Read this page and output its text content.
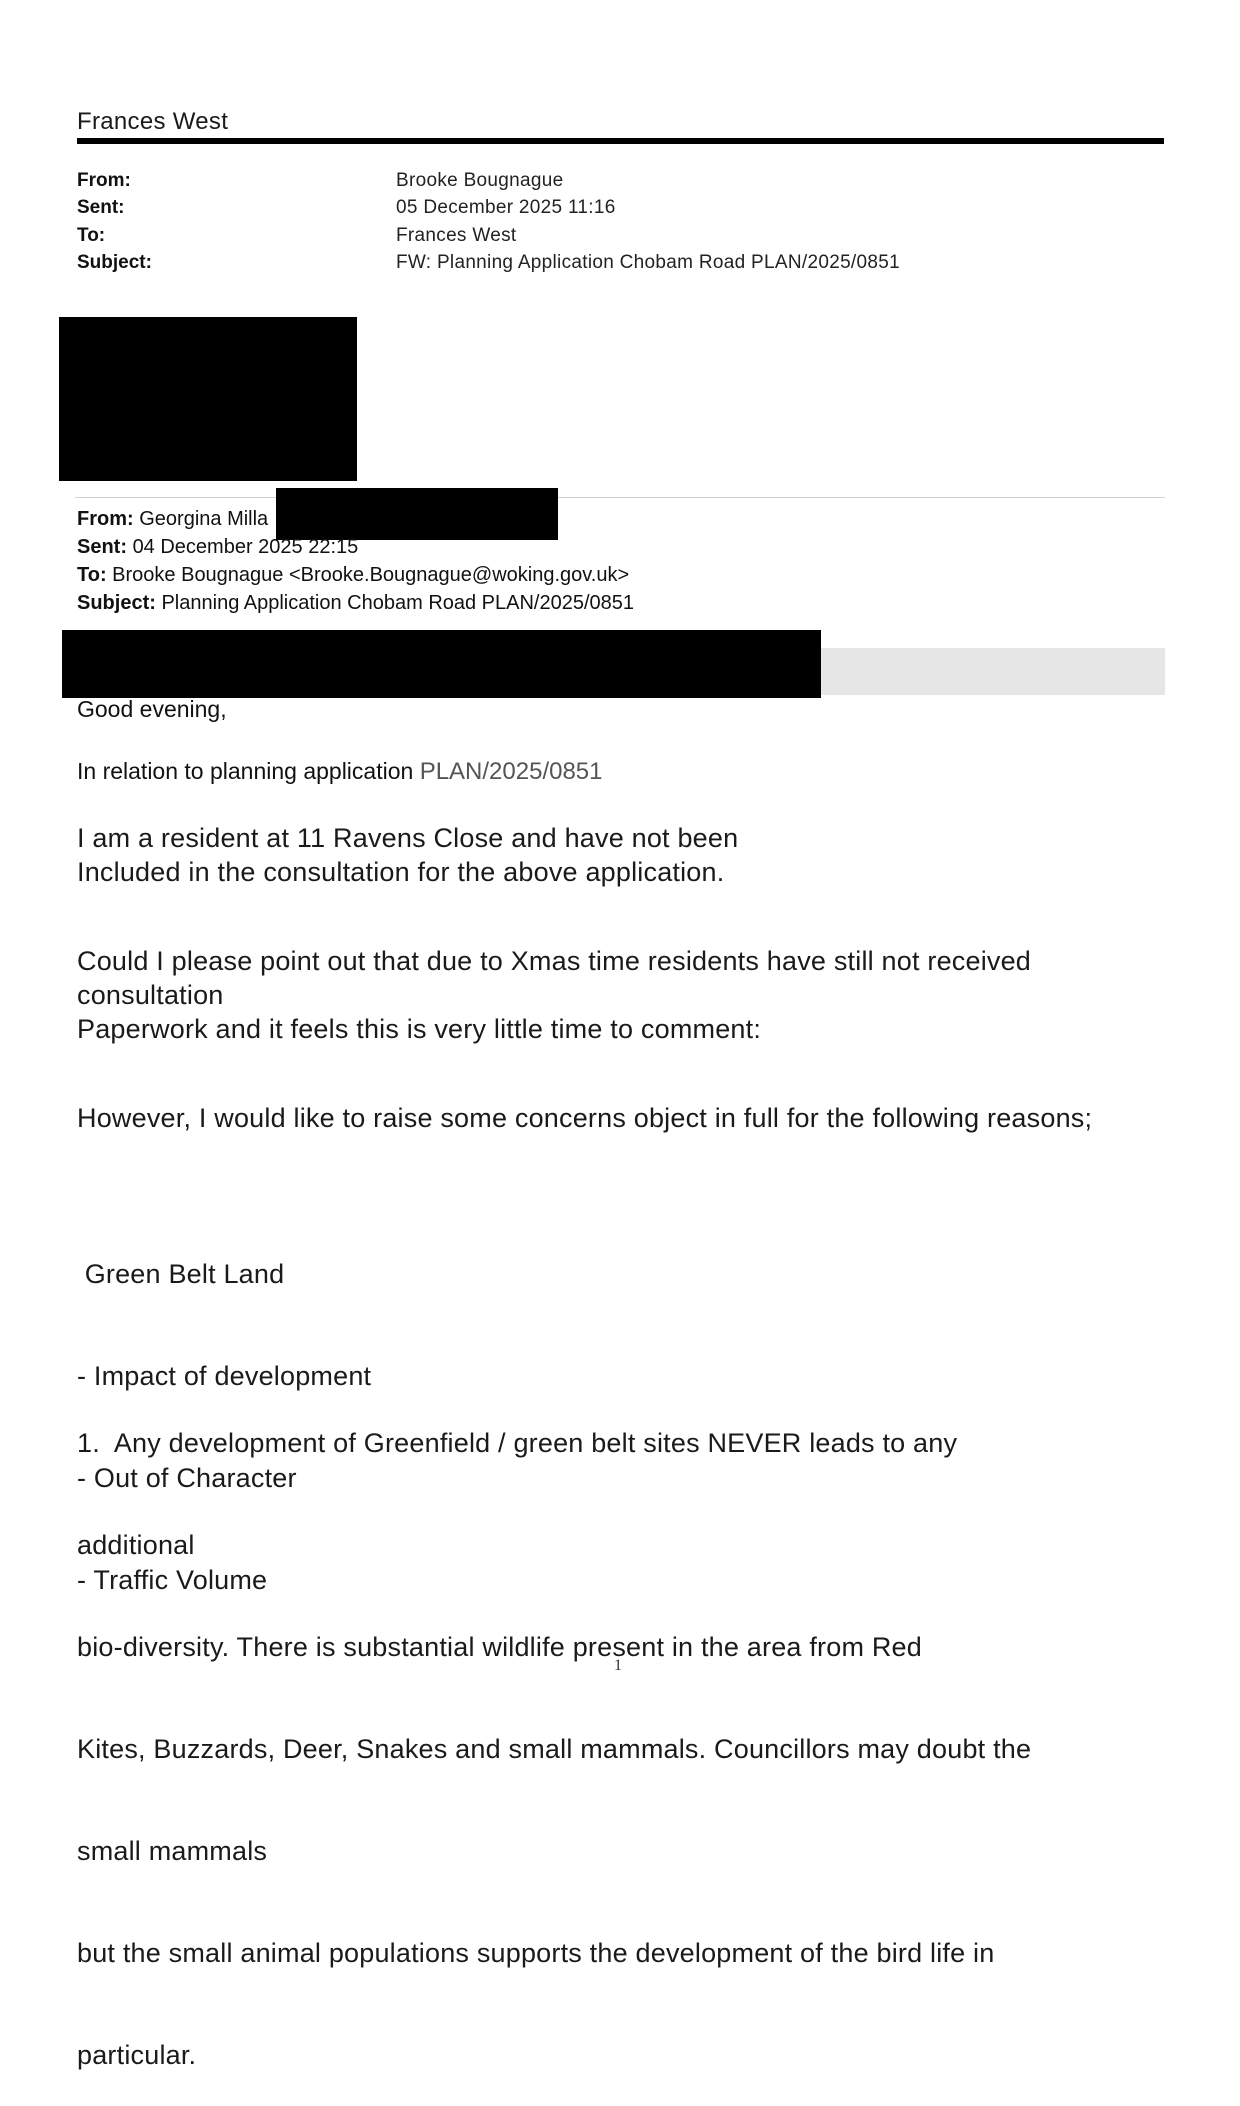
Frances West
From:	Brooke Bougnague
Sent:	05 December 2025 11:16
To:	Frances West
Subject:	FW: Planning Application Chobam Road PLAN/2025/0851
From: Georgina Milla
Sent: 04 December 2025 22:15
To: Brooke Bougnague <Brooke.Bougnague@woking.gov.uk>
Subject: Planning Application Chobam Road PLAN/2025/0851
Good evening,
In relation to planning application PLAN/2025/0851
I am a resident at 11 Ravens Close and have not been
Included in the consultation for the above application.
Could I please point out that due to Xmas time residents have still not received
consultation
Paperwork and it feels this is very little time to comment:
However, I would like to raise some concerns object in full for the following reasons;

Green Belt Land

- Impact of development

- Out of Character

- Traffic Volume

1.  Any development of Greenfield / green belt sites NEVER leads to any

additional

bio-diversity. There is substantial wildlife present in the area from Red

Kites, Buzzards, Deer, Snakes and small mammals. Councillors may doubt the

small mammals

but the small animal populations supports the development of the bird life in

particular.

1
